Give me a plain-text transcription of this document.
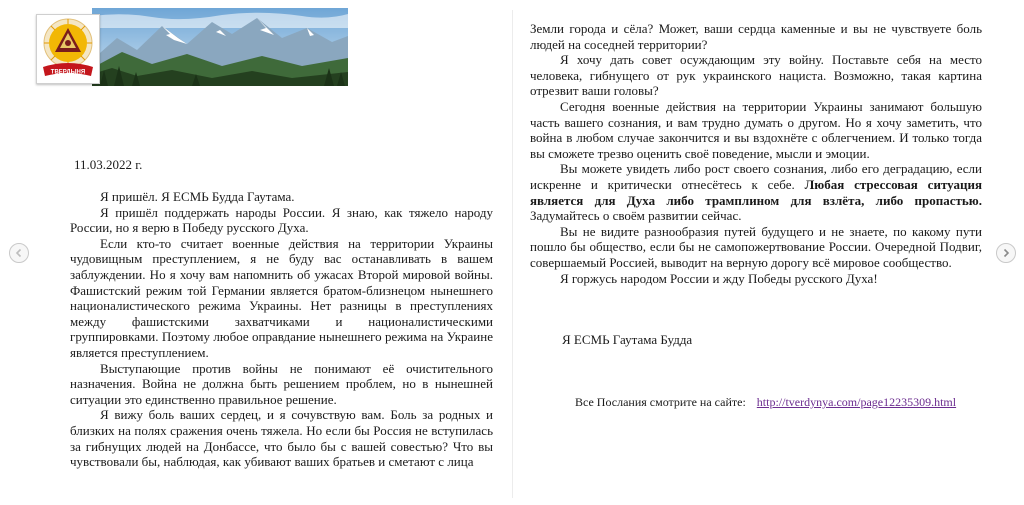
ТВЕРДЫНЯ
11.03.2022 г.

Я пришёл. Я ЕСМЬ Будда Гаутама.

Я пришёл поддержать народы России. Я знаю, как тяжело народу России, но я верю в Победу русского Духа.

Если кто-то считает военные действия на территории Украины чудовищным преступлением, я не буду вас останавливать в вашем заблуждении. Но я хочу вам напомнить об ужасах Второй мировой войны. Фашистский режим той Германии является братом-близнецом нынешнего националистического режима Украины. Нет разницы в преступлениях между фашистскими захватчиками и националистическими группировками. Поэтому любое оправдание нынешнего режима на Украине является преступлением.

Выступающие против войны не понимают её очистительного назначения. Война не должна быть решением проблем, но в нынешней ситуации это единственно правильное решение.

Я вижу боль ваших сердец, и я сочувствую вам. Боль за родных и близких на полях сражения очень тяжела. Но если бы Россия не вступилась за гибнущих людей на Донбассе, что было бы с вашей совестью? Что вы чувствовали бы, наблюдая, как убивают ваших братьев и сметают с лица

Земли города и сёла? Может, ваши сердца каменные и вы не чувствуете боль людей на соседней территории?

Я хочу дать совет осуждающим эту войну. Поставьте себя на место человека, гибнущего от рук украинского нациста. Возможно, такая картина отрезвит ваши головы?

Сегодня военные действия на территории Украины занимают большую часть вашего сознания, и вам трудно думать о другом. Но я хочу заметить, что война в любом случае закончится и вы вздохнёте с облегчением. И только тогда вы сможете трезво оценить своё поведение, мысли и эмоции.

Вы можете увидеть либо рост своего сознания, либо его деградацию, если искренне и критически отнесётесь к себе. Любая стрессовая ситуация является для Духа либо трамплином для взлёта, либо пропастью. Задумайтесь о своём развитии сейчас.

Вы не видите разнообразия путей будущего и не знаете, по какому пути пошло бы общество, если бы не самопожертвование России. Очередной Подвиг, совершаемый Россией, выводит на верную дорогу всё мировое сообщество.

Я горжусь народом России и жду Победы русского Духа!

Я ЕСМЬ Гаутама Будда
Все Послания смотрите на сайте: http://tverdynya.com/page12235309.html
